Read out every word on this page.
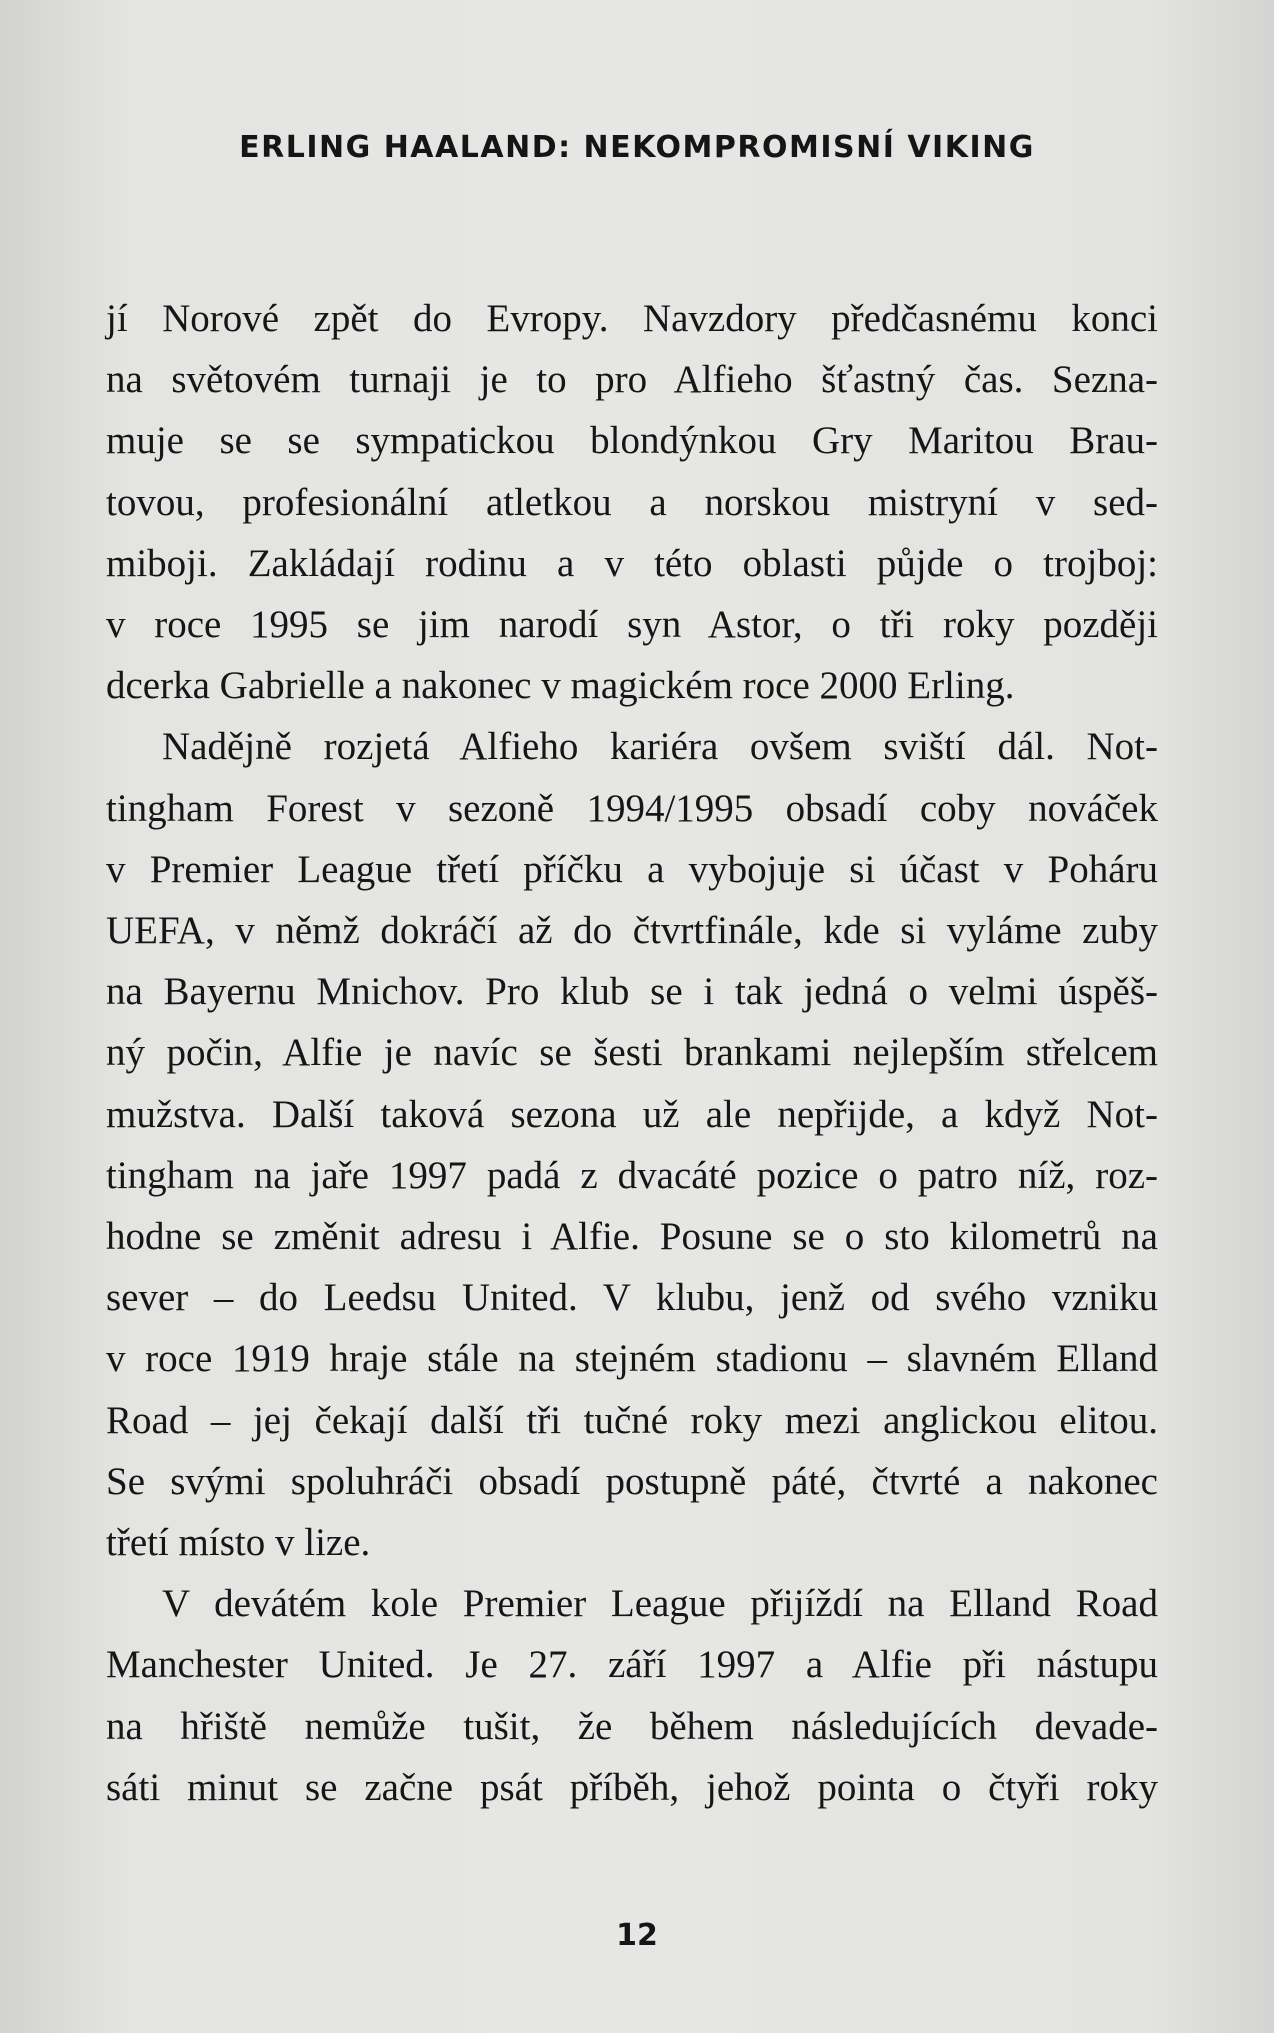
ERLING HAALAND: NEKOMPROMISNÍ VIKING
jí Norové zpět do Evropy. Navzdory předčasnému konci
na světovém turnaji je to pro Alfieho šťastný čas. Sezna-
muje se se sympatickou blondýnkou Gry Maritou Brau-
tovou, profesionální atletkou a norskou mistryní v sed-
miboji. Zakládají rodinu a v této oblasti půjde o trojboj:
v roce 1995 se jim narodí syn Astor, o tři roky později
dcerka Gabrielle a nakonec v magickém roce 2000 Erling.
Nadějně rozjetá Alfieho kariéra ovšem sviští dál. Not-
tingham Forest v sezoně 1994/1995 obsadí coby nováček
v Premier League třetí příčku a vybojuje si účast v Poháru
UEFA, v němž dokráčí až do čtvrtfinále, kde si vyláme zuby
na Bayernu Mnichov. Pro klub se i tak jedná o velmi úspěš-
ný počin, Alfie je navíc se šesti brankami nejlepším střelcem
mužstva. Další taková sezona už ale nepřijde, a když Not-
tingham na jaře 1997 padá z dvacáté pozice o patro níž, roz-
hodne se změnit adresu i Alfie. Posune se o sto kilometrů na
sever – do Leedsu United. V klubu, jenž od svého vzniku
v roce 1919 hraje stále na stejném stadionu – slavném Elland
Road – jej čekají další tři tučné roky mezi anglickou elitou.
Se svými spoluhráči obsadí postupně páté, čtvrté a nakonec
třetí místo v lize.
V devátém kole Premier League přijíždí na Elland Road
Manchester United. Je 27. září 1997 a Alfie při nástupu
na hřiště nemůže tušit, že během následujících devade-
sáti minut se začne psát příběh, jehož pointa o čtyři roky
12
